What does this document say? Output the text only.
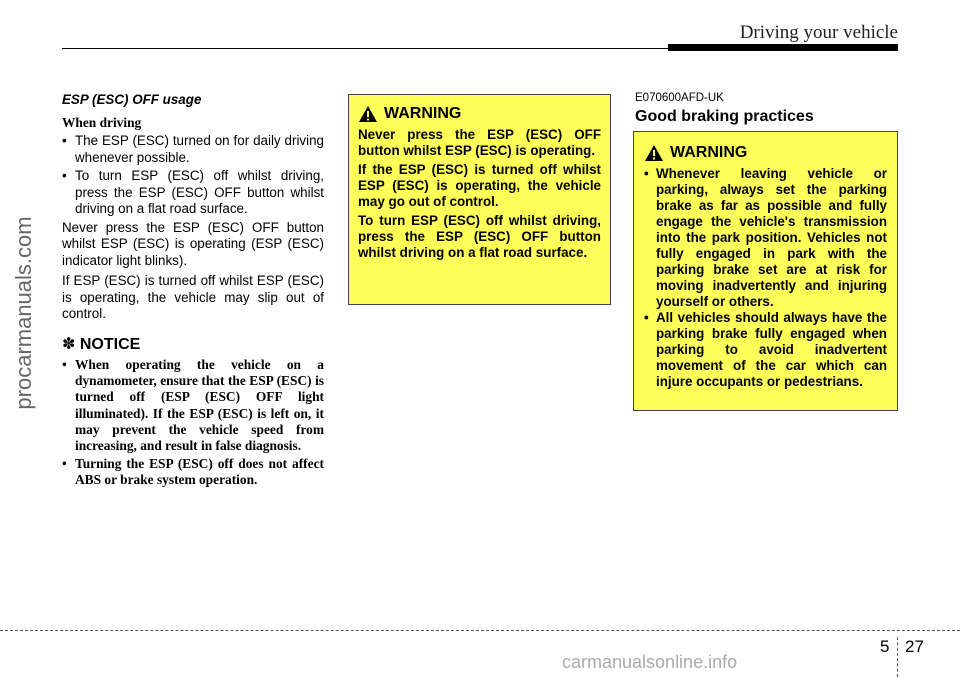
Driving your vehicle
procarmanuals.com
ESP (ESC) OFF usage
When driving
• The ESP (ESC) turned on for daily driving whenever possible.
• To turn ESP (ESC) off whilst driving, press the ESP (ESC) OFF button whilst driving on a flat road surface.

Never press the ESP (ESC) OFF button whilst ESP (ESC) is operating (ESP (ESC) indicator light blinks).

If ESP (ESC) is turned off whilst ESP (ESC) is operating, the vehicle may slip out of control.

✽ NOTICE
• When operating the vehicle on a dynamometer, ensure that the ESP (ESC) is turned off (ESP (ESC) OFF light illuminated). If the ESP (ESC) is left on, it may prevent the vehicle speed from increasing, and result in false diagnosis.
• Turning the ESP (ESC) off does not affect ABS or brake system operation.
WARNING

Never press the ESP (ESC) OFF button whilst ESP (ESC) is operating.

If the ESP (ESC) is turned off whilst ESP (ESC) is operating, the vehicle may go out of control.

To turn ESP (ESC) off whilst driving, press the ESP (ESC) OFF button whilst driving on a flat road surface.

E070600AFD-UK
Good braking practices
WARNING
• Whenever leaving vehicle or parking, always set the parking brake as far as possible and fully engage the vehicle's transmission into the park position. Vehicles not fully engaged in park with the parking brake set are at risk for moving inadvertently and injuring yourself or others.
• All vehicles should always have the parking brake fully engaged when parking to avoid inadvertent movement of the car which can injure occupants or pedestrians.
5 27
carmanualsonline.info
